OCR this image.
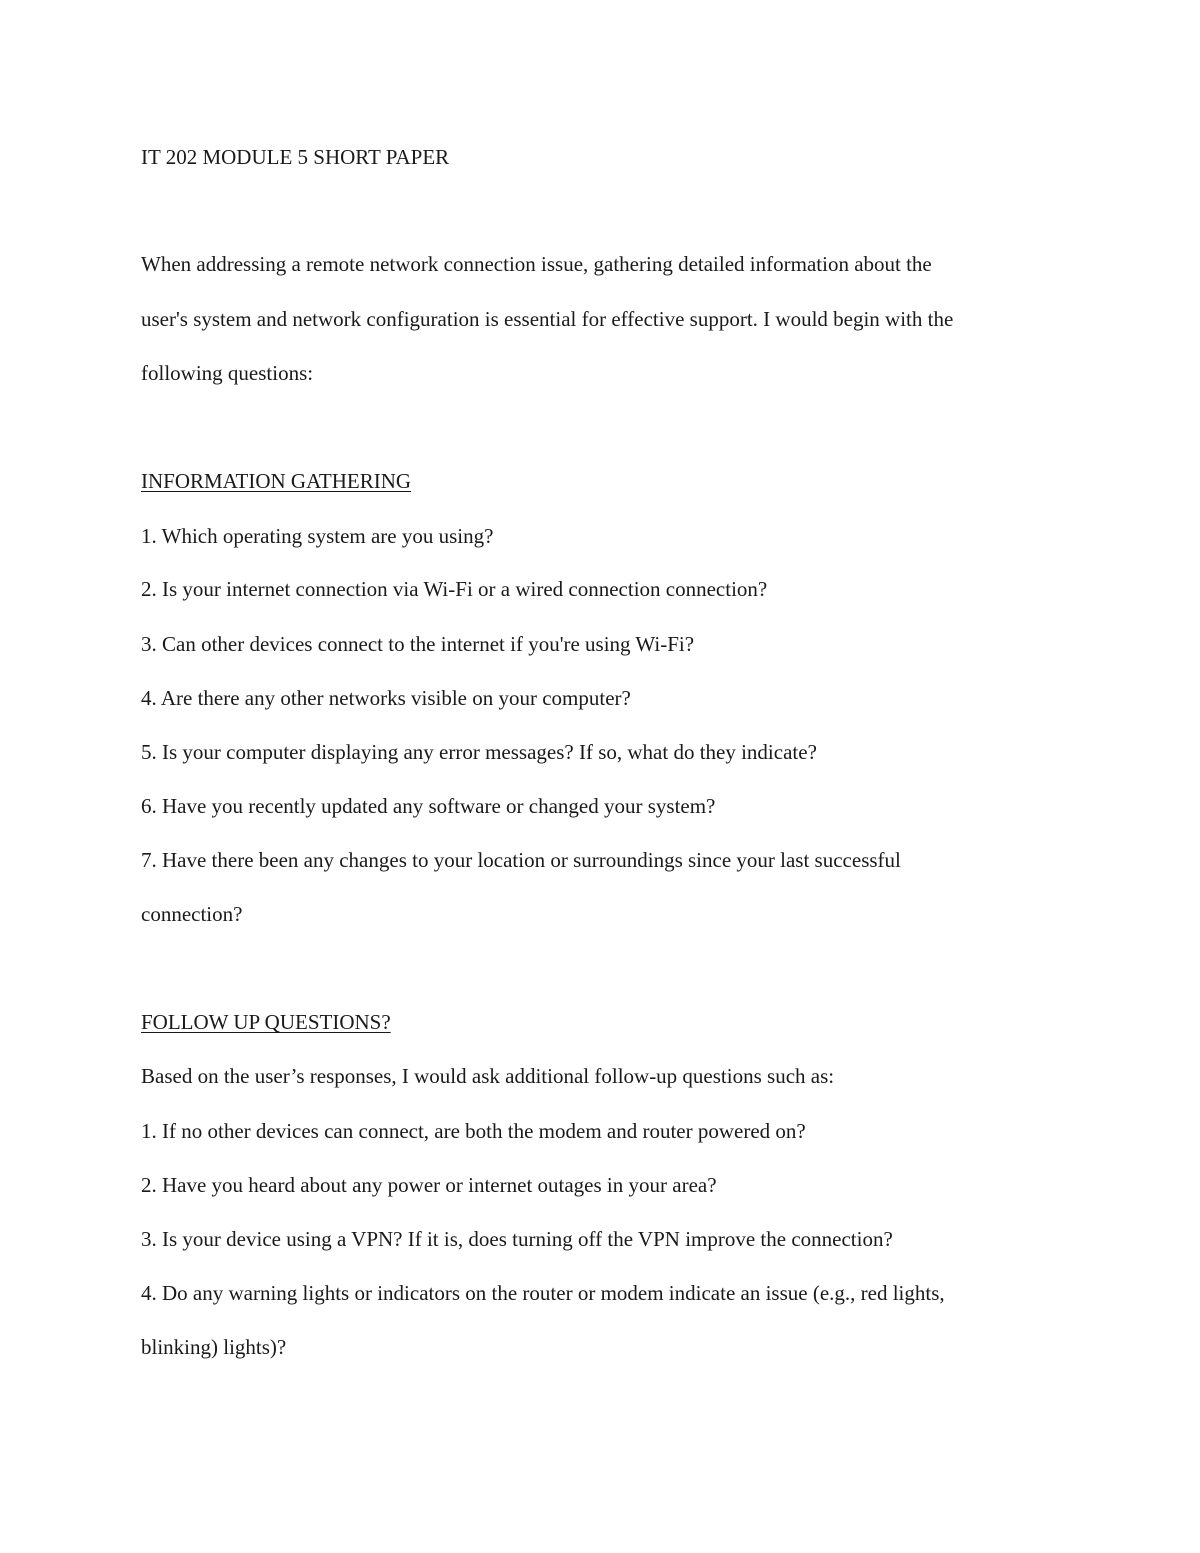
IT 202 MODULE 5 SHORT PAPER

When addressing a remote network connection issue, gathering detailed information about the

user's system and network configuration is essential for effective support. I would begin with the

following questions:

INFORMATION GATHERING

1. Which operating system are you using?

2. Is your internet connection via Wi-Fi or a wired connection connection?

3. Can other devices connect to the internet if you're using Wi-Fi?

4. Are there any other networks visible on your computer?

5. Is your computer displaying any error messages? If so, what do they indicate?

6. Have you recently updated any software or changed your system?

7. Have there been any changes to your location or surroundings since your last successful

connection?

FOLLOW UP QUESTIONS?

Based on the user’s responses, I would ask additional follow-up questions such as:

1. If no other devices can connect, are both the modem and router powered on?

2. Have you heard about any power or internet outages in your area?

3. Is your device using a VPN? If it is, does turning off the VPN improve the connection?

4. Do any warning lights or indicators on the router or modem indicate an issue (e.g., red lights,

blinking) lights)?
